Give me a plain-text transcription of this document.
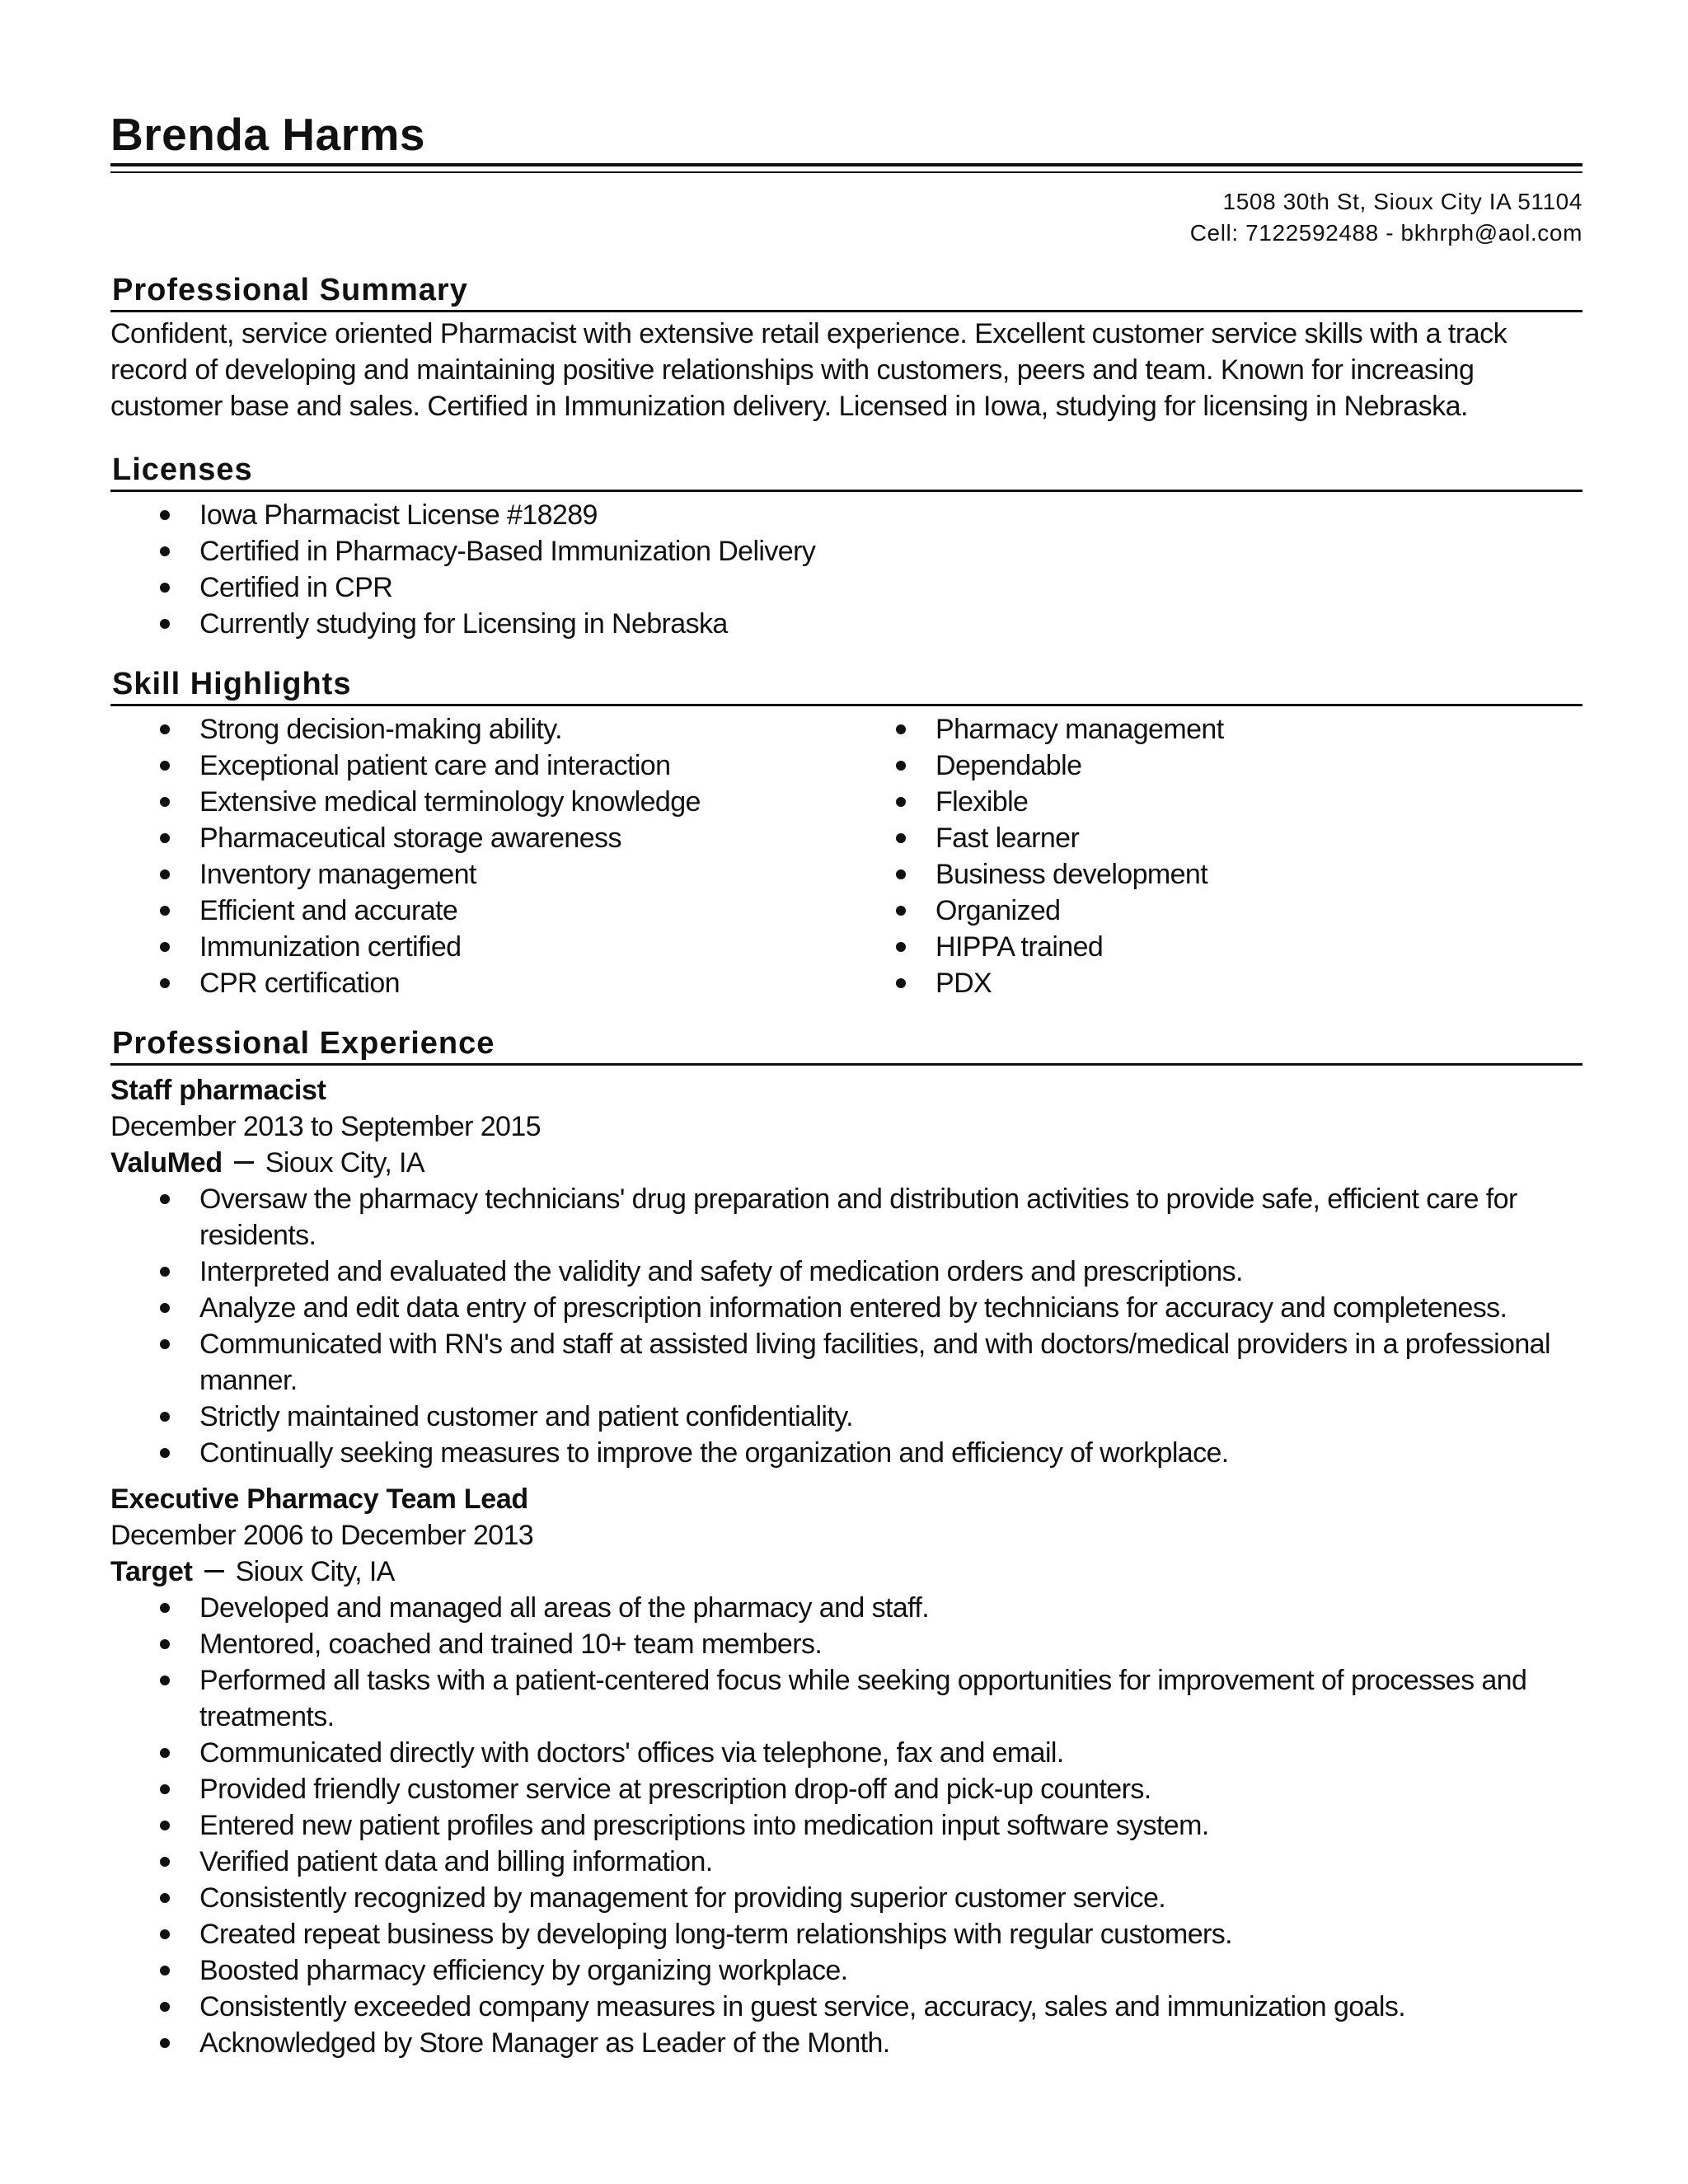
Brenda Harms
1508 30th St, Sioux City IA 51104
Cell: 7122592488 - bkhrph@aol.com
Professional Summary

Confident, service oriented Pharmacist with extensive retail experience. Excellent customer service skills with a track record of developing and maintaining positive relationships with customers, peers and team. Known for increasing customer base and sales. Certified in Immunization delivery. Licensed in Iowa, studying for licensing in Nebraska.

Licenses
Iowa Pharmacist License #18289
Certified in Pharmacy-Based Immunization Delivery
Certified in CPR
Currently studying for Licensing in Nebraska
Skill Highlights
Strong decision-making ability.
Exceptional patient care and interaction
Extensive medical terminology knowledge
Pharmaceutical storage awareness
Inventory management
Efficient and accurate
Immunization certified
CPR certification
Pharmacy management
Dependable
Flexible
Fast learner
Business development
Organized
HIPPA trained
PDX
Professional Experience
Staff pharmacist
December 2013 to September 2015
ValuMed Sioux City, IA
Oversaw the pharmacy technicians' drug preparation and distribution activities to provide safe, efficient care for residents.
Interpreted and evaluated the validity and safety of medication orders and prescriptions.
Analyze and edit data entry of prescription information entered by technicians for accuracy and completeness.
Communicated with RN's and staff at assisted living facilities, and with doctors/medical providers in a professional manner.
Strictly maintained customer and patient confidentiality.
Continually seeking measures to improve the organization and efficiency of workplace.
Executive Pharmacy Team Lead
December 2006 to December 2013
Target Sioux City, IA
Developed and managed all areas of the pharmacy and staff.
Mentored, coached and trained 10+ team members.
Performed all tasks with a patient-centered focus while seeking opportunities for improvement of processes and treatments.
Communicated directly with doctors' offices via telephone, fax and email.
Provided friendly customer service at prescription drop-off and pick-up counters.
Entered new patient profiles and prescriptions into medication input software system.
Verified patient data and billing information.
Consistently recognized by management for providing superior customer service.
Created repeat business by developing long-term relationships with regular customers.
Boosted pharmacy efficiency by organizing workplace.
Consistently exceeded company measures in guest service, accuracy, sales and immunization goals.
Acknowledged by Store Manager as Leader of the Month.
